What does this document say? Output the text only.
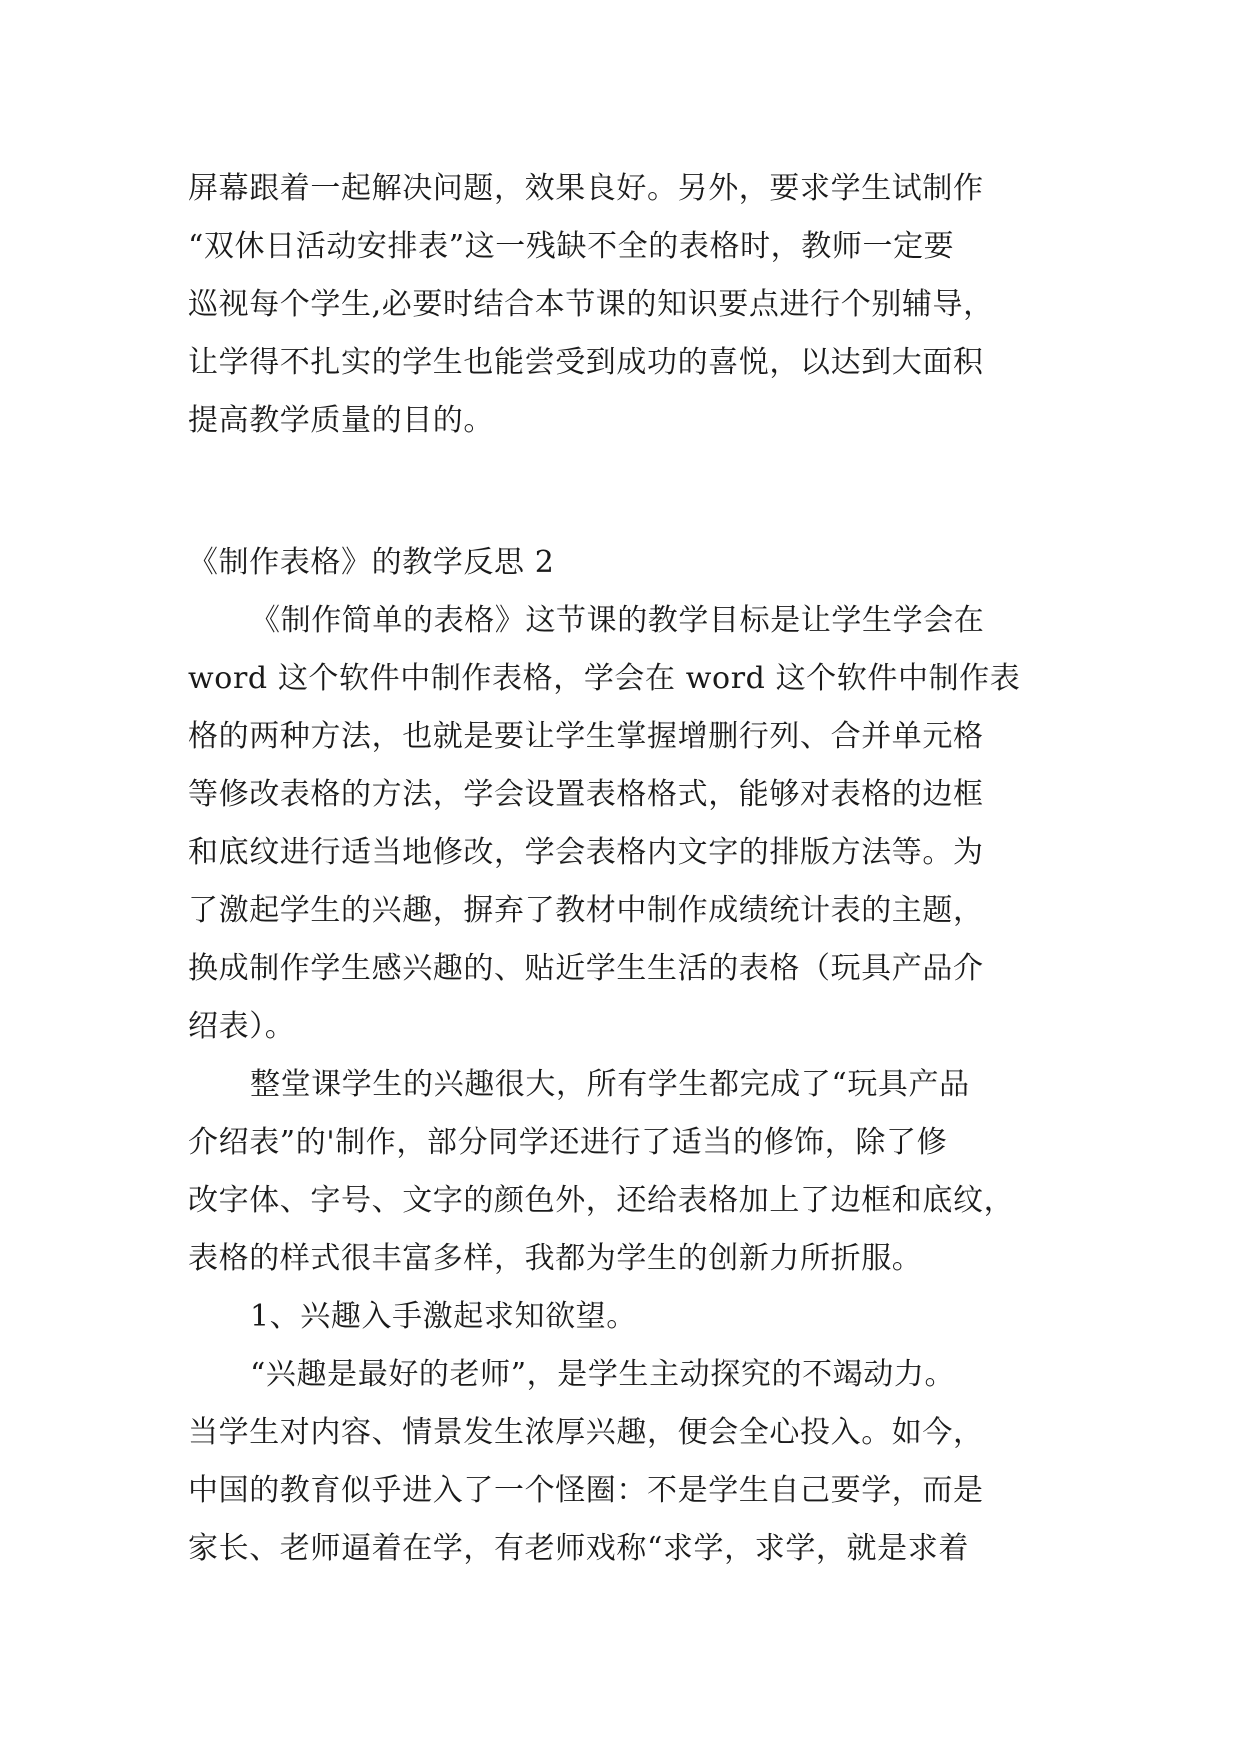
屏幕跟着一起解决问题，效果良好。另外，要求学生试制作
“双休日活动安排表”这一残缺不全的表格时，教师一定要
巡视每个学生,必要时结合本节课的知识要点进行个别辅导，
让学得不扎实的学生也能尝受到成功的喜悦，以达到大面积
提高教学质量的目的。
《制作表格》的教学反思 2
《制作简单的表格》这节课的教学目标是让学生学会在
word 这个软件中制作表格，学会在 word 这个软件中制作表
格的两种方法，也就是要让学生掌握增删行列、合并单元格
等修改表格的方法，学会设置表格格式，能够对表格的边框
和底纹进行适当地修改，学会表格内文字的排版方法等。为
了激起学生的兴趣，摒弃了教材中制作成绩统计表的主题，
换成制作学生感兴趣的、贴近学生生活的表格（玩具产品介
绍表）。
整堂课学生的兴趣很大，所有学生都完成了“玩具产品
介绍表”的'制作，部分同学还进行了适当的修饰，除了修
改字体、字号、文字的颜色外，还给表格加上了边框和底纹，
表格的样式很丰富多样，我都为学生的创新力所折服。
1、兴趣入手激起求知欲望。
“兴趣是最好的老师”，是学生主动探究的不竭动力。
当学生对内容、情景发生浓厚兴趣，便会全心投入。如今，
中国的教育似乎进入了一个怪圈：不是学生自己要学，而是
家长、老师逼着在学，有老师戏称“求学，求学，就是求着
